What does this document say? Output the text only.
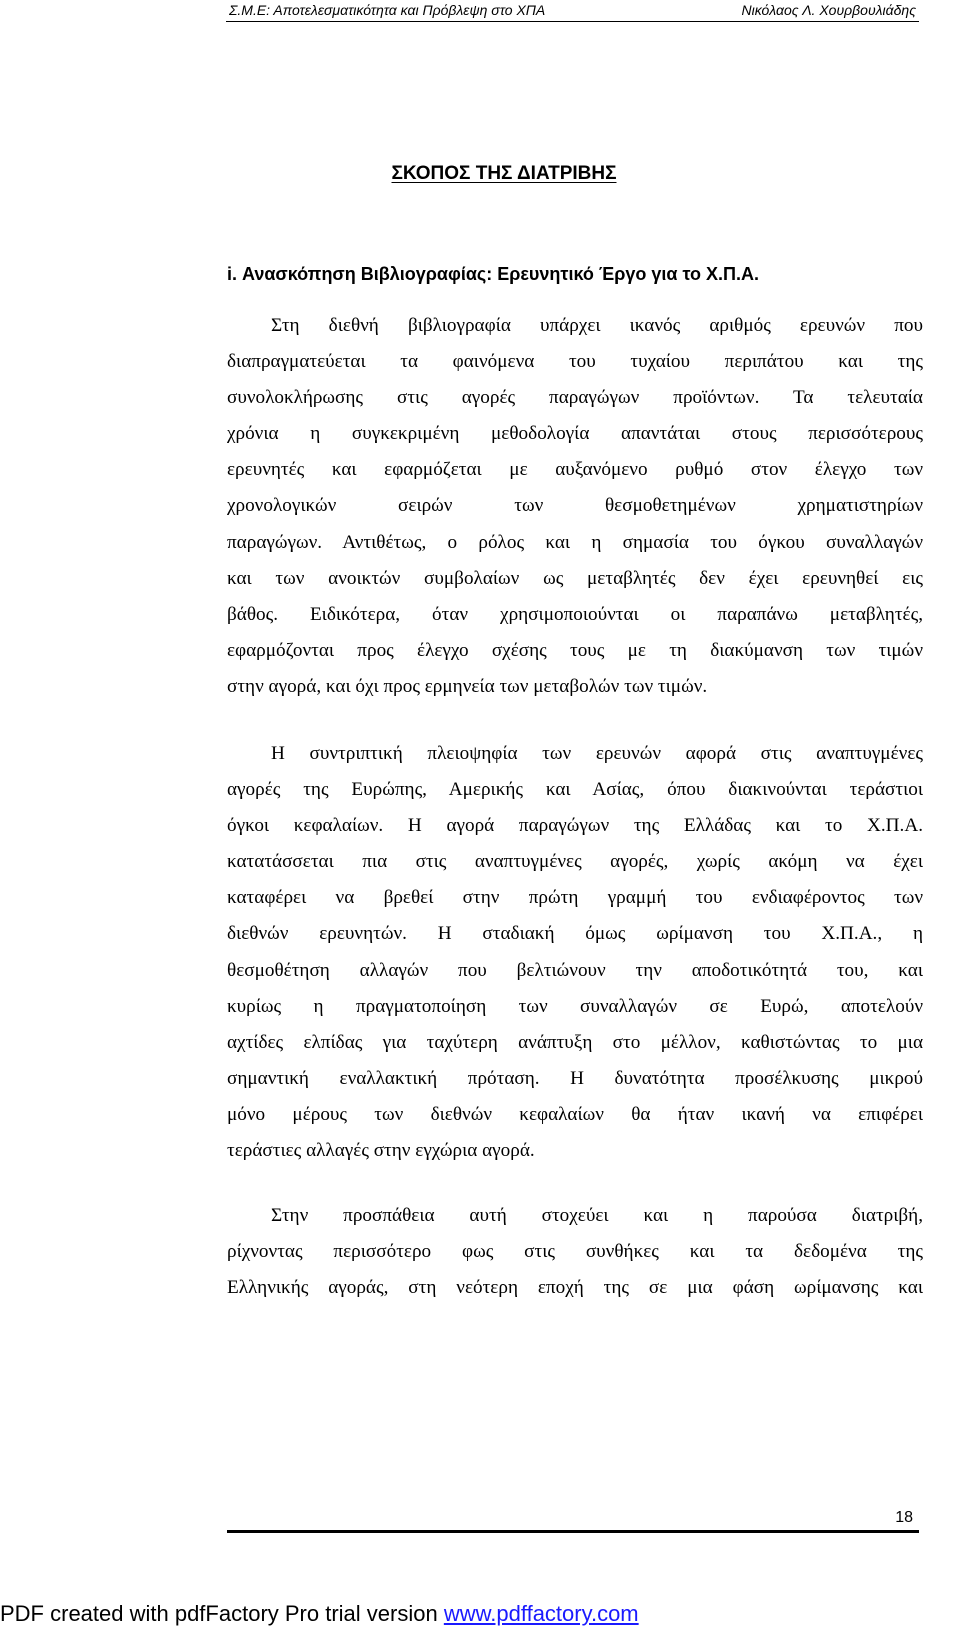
Σ.Μ.Ε: Αποτελεσματικότητα και Πρόβλεψη στο ΧΠΑ	Νικόλαος Λ. Χουρβουλιάδης
ΣΚΟΠΟΣ ΤΗΣ ΔΙΑΤΡΙΒΗΣ
i. Ανασκόπηση Βιβλιογραφίας: Ερευνητικό Έργο για το Χ.Π.Α.
Στη διεθνή βιβλιογραφία υπάρχει ικανός αριθμός ερευνών που
διαπραγματεύεται τα φαινόμενα του τυχαίου περιπάτου και της
συνολοκλήρωσης στις αγορές παραγώγων προϊόντων. Τα τελευταία
χρόνια η συγκεκριμένη μεθοδολογία απαντάται στους περισσότερους
ερευνητές και εφαρμόζεται με αυξανόμενο ρυθμό στον έλεγχο των
χρονολογικών σειρών των θεσμοθετημένων χρηματιστηρίων
παραγώγων. Αντιθέτως, ο ρόλος και η σημασία του όγκου συναλλαγών
και των ανοικτών συμβολαίων ως μεταβλητές δεν έχει ερευνηθεί εις
βάθος. Ειδικότερα, όταν χρησιμοποιούνται οι παραπάνω μεταβλητές,
εφαρμόζονται προς έλεγχο σχέσης τους με τη διακύμανση των τιμών
στην αγορά, και όχι προς ερμηνεία των μεταβολών των τιμών.
Η συντριπτική πλειοψηφία των ερευνών αφορά στις αναπτυγμένες
αγορές της Ευρώπης, Αμερικής και Ασίας, όπου διακινούνται τεράστιοι
όγκοι κεφαλαίων. Η αγορά παραγώγων της Ελλάδας και το Χ.Π.Α.
κατατάσσεται πια στις αναπτυγμένες αγορές, χωρίς ακόμη να έχει
καταφέρει να βρεθεί στην πρώτη γραμμή του ενδιαφέροντος των
διεθνών ερευνητών. Η σταδιακή όμως ωρίμανση του Χ.Π.Α., η
θεσμοθέτηση αλλαγών που βελτιώνουν την αποδοτικότητά του, και
κυρίως η πραγματοποίηση των συναλλαγών σε Ευρώ, αποτελούν
αχτίδες ελπίδας για ταχύτερη ανάπτυξη στο μέλλον, καθιστώντας το μια
σημαντική εναλλακτική πρόταση. Η δυνατότητα προσέλκυσης μικρού
μόνο μέρους των διεθνών κεφαλαίων θα ήταν ικανή να επιφέρει
τεράστιες αλλαγές στην εγχώρια αγορά.
Στην προσπάθεια αυτή στοχεύει και η παρούσα διατριβή,
ρίχνοντας περισσότερο φως στις συνθήκες και τα δεδομένα της
Ελληνικής αγοράς, στη νεότερη εποχή της σε μια φάση ωρίμανσης και
18
PDF created with pdfFactory Pro trial version www.pdffactory.com
